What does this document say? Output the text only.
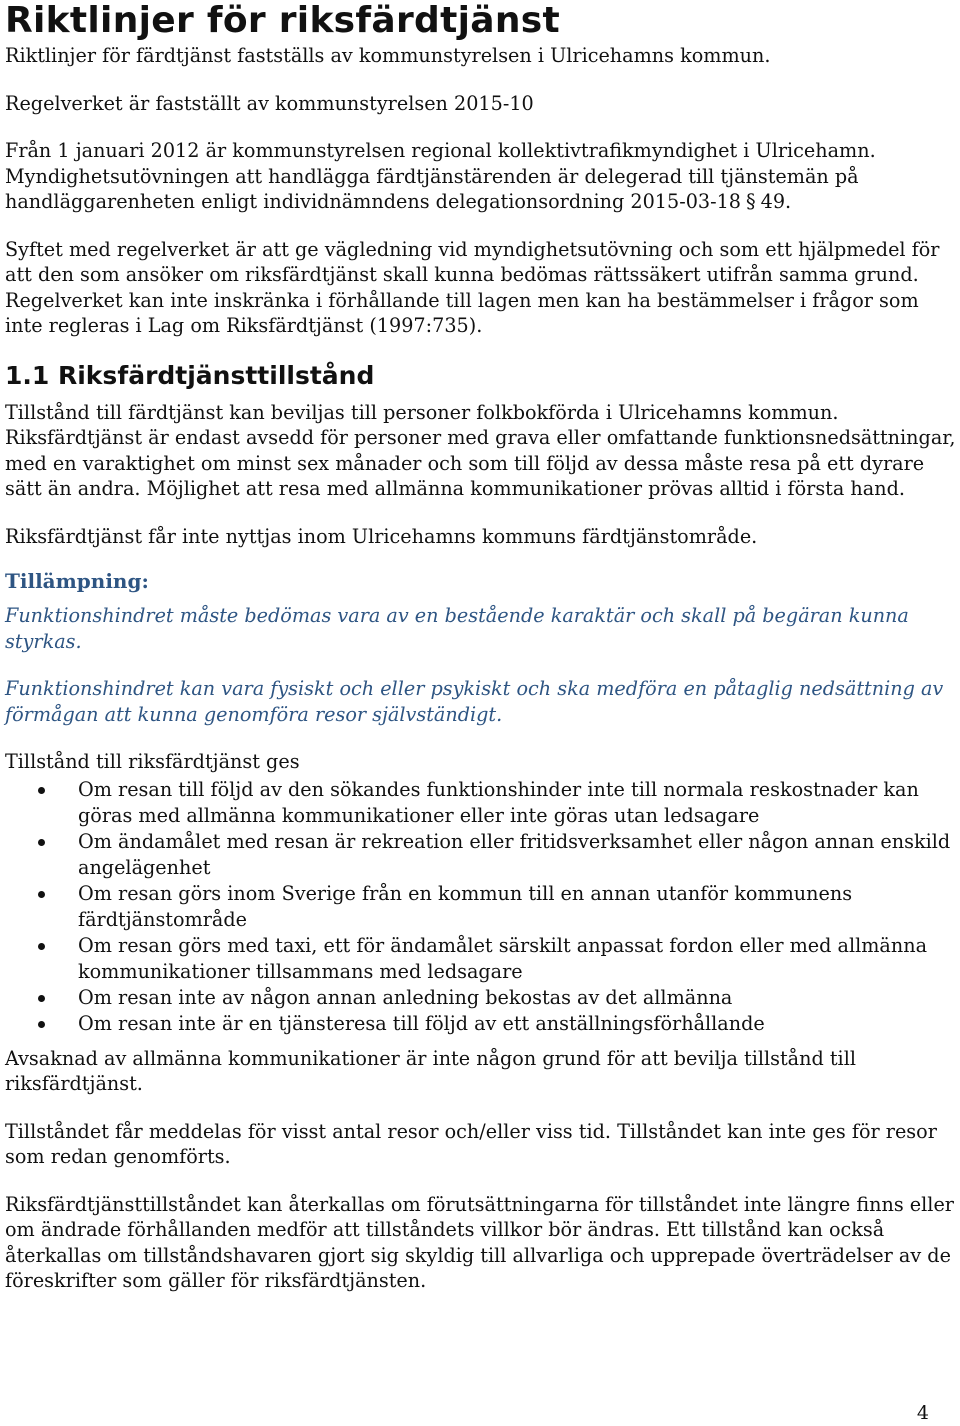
Riktlinjer för riksfärdtjänst

Riktlinjer för färdtjänst fastställs av kommunstyrelsen i Ulricehamns kommun.

Regelverket är fastställt av kommunstyrelsen 2015-10

Från 1 januari 2012 är kommunstyrelsen regional kollektivtrafikmyndighet i Ulricehamn.

Myndighetsutövningen att handlägga färdtjänstärenden är delegerad till tjänstemän på handläggarenheten enligt individnämndens delegationsordning 2015-03-18 § 49.

Syftet med regelverket är att ge vägledning vid myndighetsutövning och som ett hjälpmedel för att den som ansöker om riksfärdtjänst skall kunna bedömas rättssäkert utifrån samma grund. Regelverket kan inte inskränka i förhållande till lagen men kan ha bestämmelser i frågor som inte regleras i Lag om Riksfärdtjänst (1997:735).

1.1 Riksfärdtjänsttillstånd

Tillstånd till färdtjänst kan beviljas till personer folkbokförda i Ulricehamns kommun. Riksfärdtjänst är endast avsedd för personer med grava eller omfattande funktionsnedsättningar, med en varaktighet om minst sex månader och som till följd av dessa måste resa på ett dyrare sätt än andra. Möjlighet att resa med allmänna kommunikationer prövas alltid i första hand.

Riksfärdtjänst får inte nyttjas inom Ulricehamns kommuns färdtjänstområde.

Tillämpning:

Funktionshindret måste bedömas vara av en bestående karaktär och skall på begäran kunna styrkas.

Funktionshindret kan vara fysiskt och eller psykiskt och ska medföra en påtaglig nedsättning av förmågan att kunna genomföra resor självständigt.

Tillstånd till riksfärdtjänst ges

Om resan till följd av den sökandes funktionshinder inte till normala reskostnader kan göras med allmänna kommunikationer eller inte göras utan ledsagare
Om ändamålet med resan är rekreation eller fritidsverksamhet eller någon annan enskild angelägenhet
Om resan görs inom Sverige från en kommun till en annan utanför kommunens färdtjänstområde
Om resan görs med taxi, ett för ändamålet särskilt anpassat fordon eller med allmänna kommunikationer tillsammans med ledsagare
Om resan inte av någon annan anledning bekostas av det allmänna
Om resan inte är en tjänsteresa till följd av ett anställningsförhållande

Avsaknad av allmänna kommunikationer är inte någon grund för att bevilja tillstånd till riksfärdtjänst.

Tillståndet får meddelas för visst antal resor och/eller viss tid. Tillståndet kan inte ges för resor som redan genomförts.

Riksfärdtjänsttillståndet kan återkallas om förutsättningarna för tillståndet inte längre finns eller om ändrade förhållanden medför att tillståndets villkor bör ändras. Ett tillstånd kan också återkallas om tillståndshavaren gjort sig skyldig till allvarliga och upprepade överträdelser av de föreskrifter som gäller för riksfärdtjänsten.

4
